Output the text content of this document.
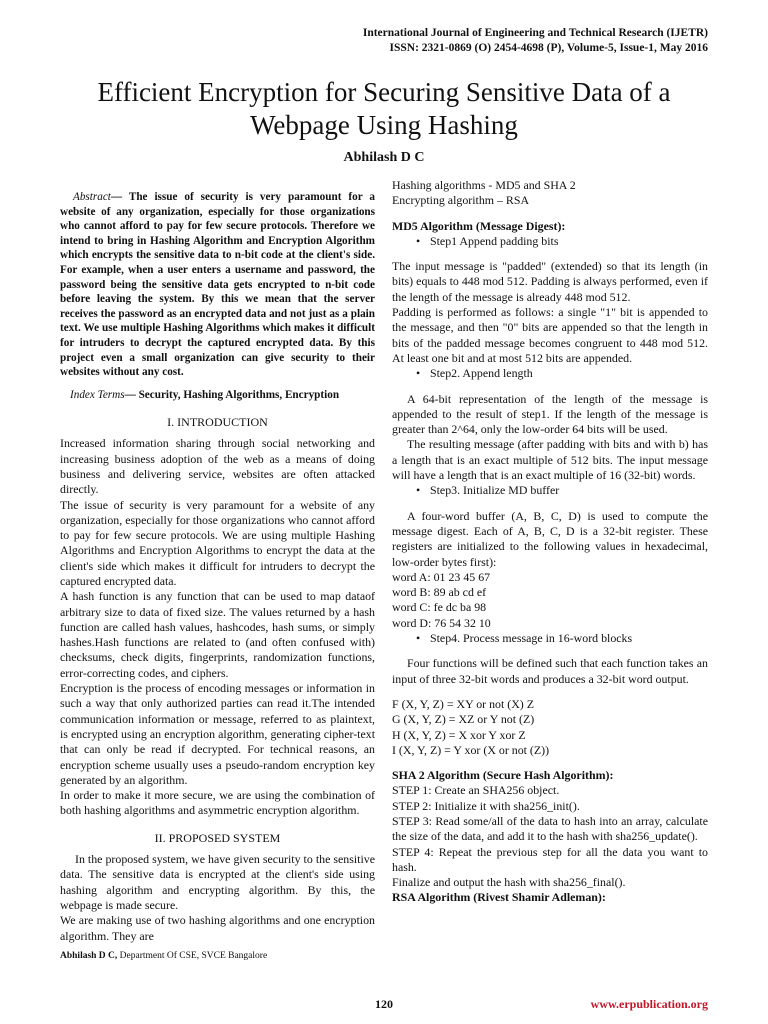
International Journal of Engineering and Technical Research (IJETR)
ISSN: 2321-0869 (O) 2454-4698 (P), Volume-5, Issue-1, May 2016
Efficient Encryption for Securing Sensitive Data of a
Webpage Using Hashing
Abhilash D C

Abstract— The issue of security is very paramount for a website of any organization, especially for those organizations who cannot afford to pay for few secure protocols. Therefore we intend to bring in Hashing Algorithm and Encryption Algorithm which encrypts the sensitive data to n-bit code at the client's side. For example, when a user enters a username and password, the password being the sensitive data gets encrypted to n-bit code before leaving the system. By this we mean that the server receives the password as an encrypted data and not just as a plain text. We use multiple Hashing Algorithms which makes it difficult for intruders to decrypt the captured encrypted data. By this project even a small organization can give security to their websites without any cost.

Index Terms— Security, Hashing Algorithms, Encryption

I. INTRODUCTION

Increased information sharing through social networking and increasing business adoption of the web as a means of doing business and delivering service, websites are often attacked directly.

The issue of security is very paramount for a website of any organization, especially for those organizations who cannot afford to pay for few secure protocols. We are using multiple Hashing Algorithms and Encryption Algorithms to encrypt the data at the client's side which makes it difficult for intruders to decrypt the captured encrypted data.

A hash function is any function that can be used to map dataof arbitrary size to data of fixed size. The values returned by a hash function are called hash values, hashcodes, hash sums, or simply hashes.Hash functions are related to (and often confused with) checksums, check digits, fingerprints, randomization functions, error-correcting codes, and ciphers.

Encryption is the process of encoding messages or information in such a way that only authorized parties can read it.The intended communication information or message, referred to as plaintext, is encrypted using an encryption algorithm, generating cipher-text that can only be read if decrypted. For technical reasons, an encryption scheme usually uses a pseudo-random encryption key generated by an algorithm.

In order to make it more secure, we are using the combination of both hashing algorithms and asymmetric encryption algorithm.

II. PROPOSED SYSTEM

In the proposed system, we have given security to the sensitive data. The sensitive data is encrypted at the client's side using hashing algorithm and encrypting algorithm. By this, the webpage is made secure.

We are making use of two hashing algorithms and one encryption algorithm. They are

Hashing algorithms - MD5 and SHA 2

Encrypting algorithm – RSA

MD5 Algorithm (Message Digest):

• Step1 Append padding bits

The input message is "padded" (extended) so that its length (in bits) equals to 448 mod 512. Padding is always performed, even if the length of the message is already 448 mod 512.

Padding is performed as follows: a single "1" bit is appended to the message, and then "0" bits are appended so that the length in bits of the padded message becomes congruent to 448 mod 512. At least one bit and at most 512 bits are appended.

• Step2. Append length

A 64-bit representation of the length of the message is appended to the result of step1. If the length of the message is greater than 2^64, only the low-order 64 bits will be used.

The resulting message (after padding with bits and with b) has a length that is an exact multiple of 512 bits. The input message will have a length that is an exact multiple of 16 (32-bit) words.

• Step3. Initialize MD buffer

A four-word buffer (A, B, C, D) is used to compute the message digest. Each of A, B, C, D is a 32-bit register. These registers are initialized to the following values in hexadecimal, low-order bytes first):

word A: 01 23 45 67

word B: 89 ab cd ef

word C: fe dc ba 98

word D: 76 54 32 10

• Step4. Process message in 16-word blocks

Four functions will be defined such that each function takes an input of three 32-bit words and produces a 32-bit word output.

F (X, Y, Z) = XY or not (X) Z

G (X, Y, Z) = XZ or Y not (Z)

H (X, Y, Z) = X xor Y xor Z

I (X, Y, Z) = Y xor (X or not (Z))

SHA 2 Algorithm (Secure Hash Algorithm):

STEP 1: Create an SHA256 object.

STEP 2: Initialize it with sha256_init().

STEP 3: Read some/all of the data to hash into an array, calculate the size of the data, and add it to the hash with sha256_update().

STEP 4: Repeat the previous step for all the data you want to hash.

Finalize and output the hash with sha256_final().

RSA Algorithm (Rivest Shamir Adleman):

Abhilash D C, Department Of CSE, SVCE Bangalore
120	www.erpublication.org
